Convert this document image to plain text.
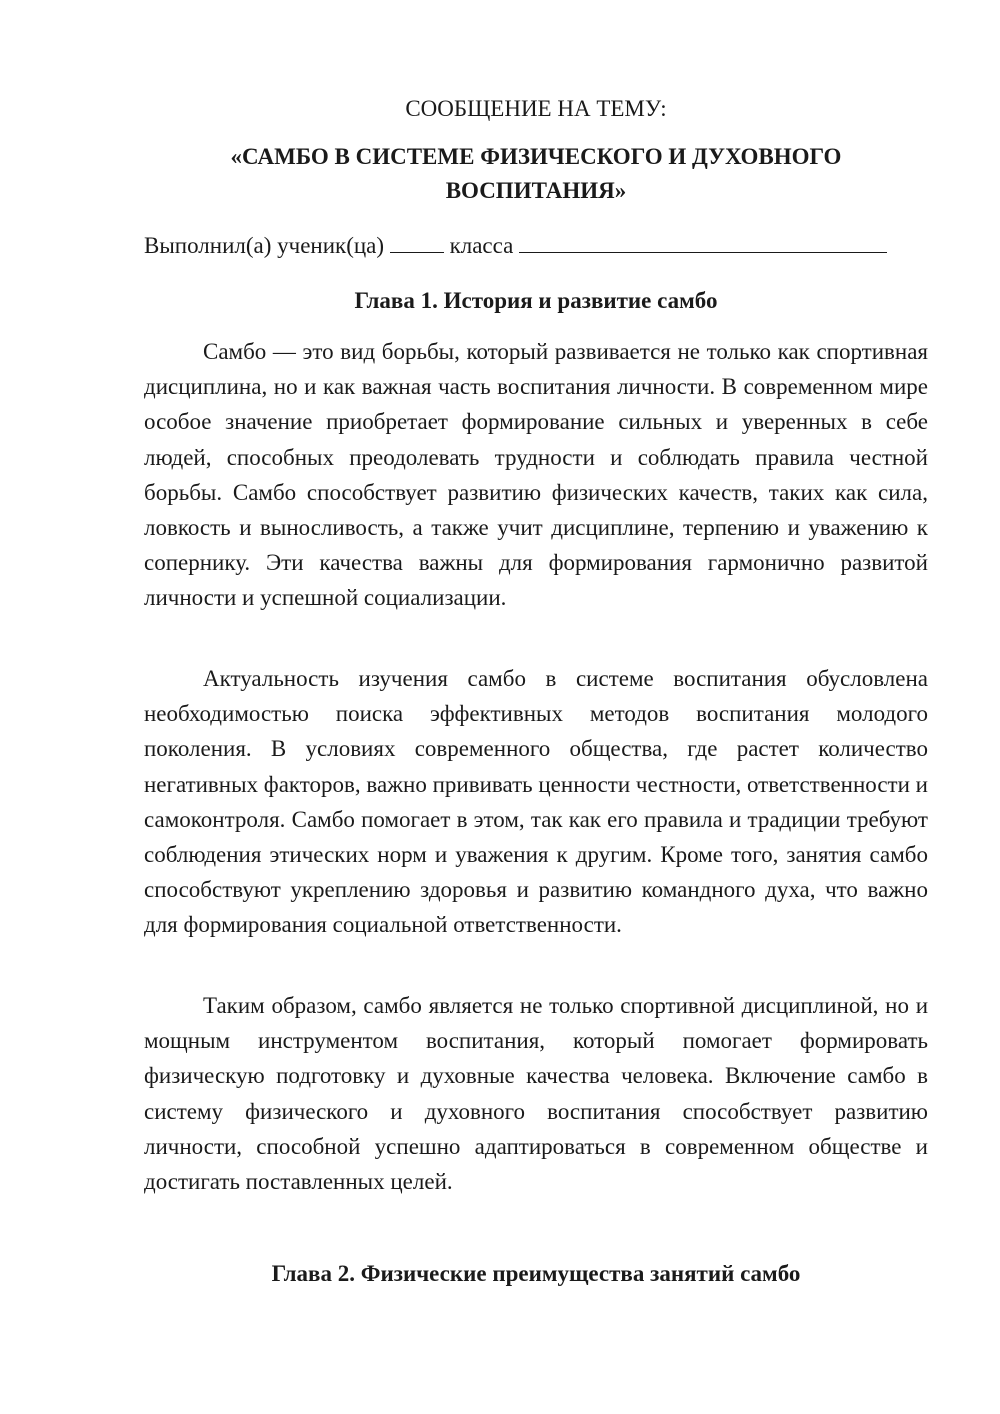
СООБЩЕНИЕ НА ТЕМУ:
«САМБО В СИСТЕМЕ ФИЗИЧЕСКОГО И ДУХОВНОГО
ВОСПИТАНИЯ»
Выполнил(а) ученик(ца)	класса
Глава 1. История и развитие самбо

Самбо — это вид борьбы, который развивается не только как спортивная дисциплина, но и как важная часть воспитания личности. В современном мире особое значение приобретает формирование сильных и уверенных в себе людей, способных преодолевать трудности и соблюдать правила честной борьбы. Самбо способствует развитию физических качеств, таких как сила, ловкость и выносливость, а также учит дисциплине, терпению и уважению к сопернику. Эти качества важны для формирования гармонично развитой личности и успешной социализации.

Актуальность изучения самбо в системе воспитания обусловлена необходимостью поиска эффективных методов воспитания молодого поколения. В условиях современного общества, где растет количество негативных факторов, важно прививать ценности честности, ответственности и самоконтроля. Самбо помогает в этом, так как его правила и традиции требуют соблюдения этических норм и уважения к другим. Кроме того, занятия самбо способствуют укреплению здоровья и развитию командного духа, что важно для формирования социальной ответственности.

Таким образом, самбо является не только спортивной дисциплиной, но и мощным инструментом воспитания, который помогает формировать физическую подготовку и духовные качества человека. Включение самбо в систему физического и духовного воспитания способствует развитию личности, способной успешно адаптироваться в современном обществе и достигать поставленных целей.

Глава 2. Физические преимущества занятий самбо
